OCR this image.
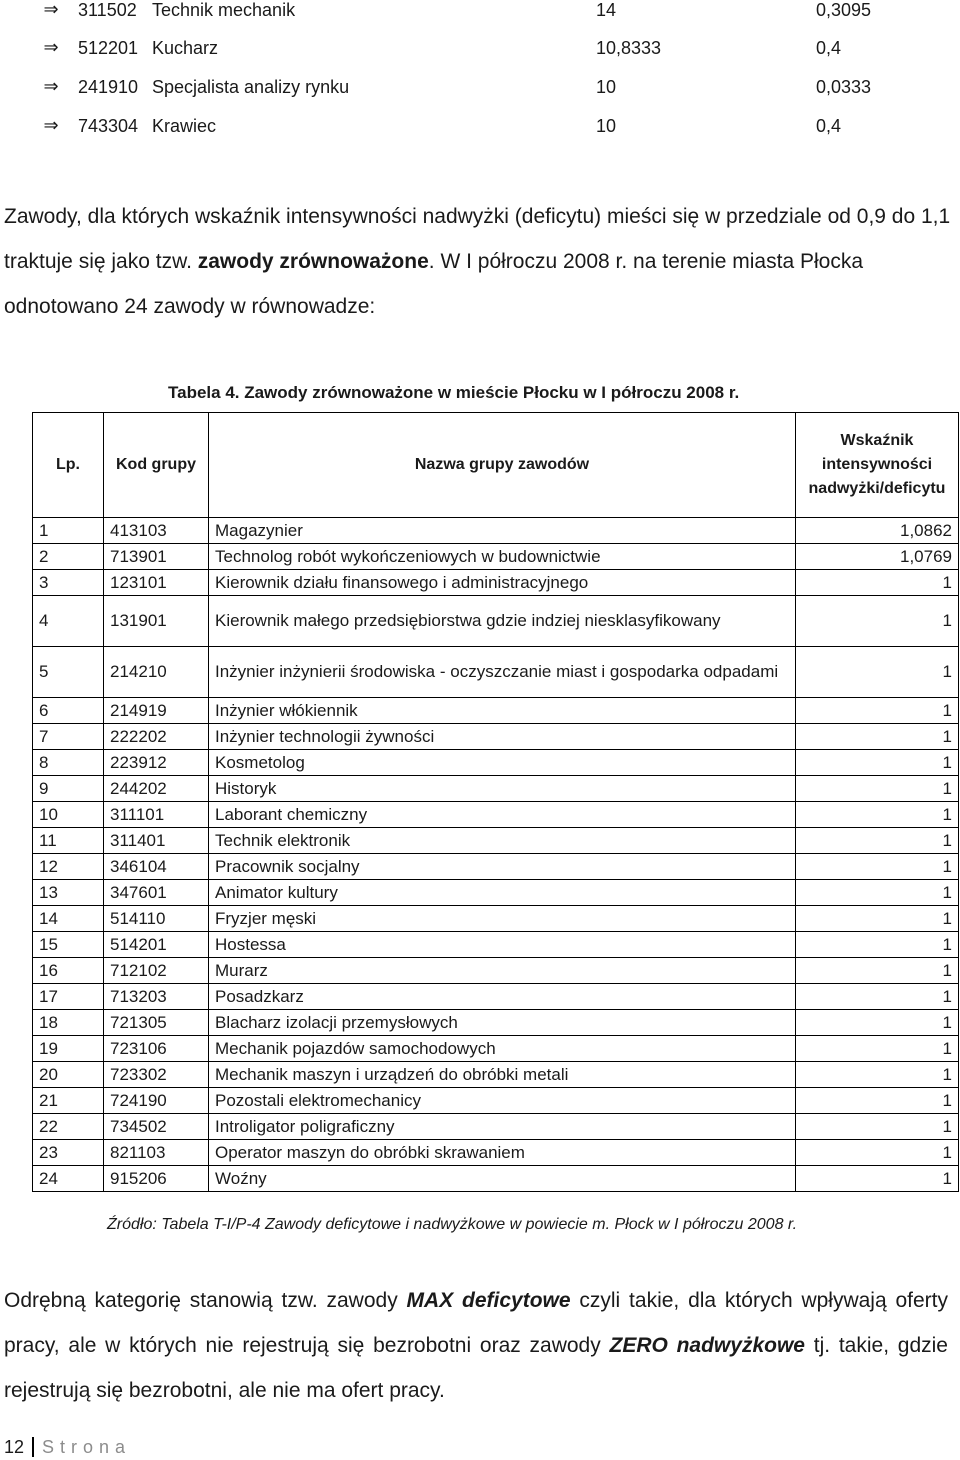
⇒ 311502 Technik mechanik	14	0,3095
⇒ 512201 Kucharz	10,8333	0,4
⇒ 241910 Specjalista analizy rynku	10	0,0333
⇒ 743304 Krawiec	10	0,4
Zawody, dla których wskaźnik intensywności nadwyżki (deficytu) mieści się w przedziale od 0,9 do 1,1 traktuje się jako tzw. zawody zrównoważone. W I półroczu 2008 r. na terenie miasta Płocka odnotowano 24 zawody w równowadze:
Tabela 4. Zawody zrównoważone w mieście Płocku w I półroczu 2008 r.
Lp.	Kod grupy	Nazwa grupy zawodów	Wskaźnik
intensywności
nadwyżki/deficytu

1	413103	Magazynier	1,0862
2	713901	Technolog robót wykończeniowych w budownictwie	1,0769
3	123101	Kierownik działu finansowego i administracyjnego	1
4	131901	Kierownik małego przedsiębiorstwa gdzie indziej niesklasyfikowany	1
5	214210	Inżynier inżynierii środowiska - oczyszczanie miast i gospodarka odpadami	1
6	214919	Inżynier włókiennik	1
7	222202	Inżynier technologii żywności	1
8	223912	Kosmetolog	1
9	244202	Historyk	1
10	311101	Laborant chemiczny	1
11	311401	Technik elektronik	1
12	346104	Pracownik socjalny	1
13	347601	Animator kultury	1
14	514110	Fryzjer męski	1
15	514201	Hostessa	1
16	712102	Murarz	1
17	713203	Posadzkarz	1
18	721305	Blacharz izolacji przemysłowych	1
19	723106	Mechanik pojazdów samochodowych	1
20	723302	Mechanik maszyn i urządzeń do obróbki metali	1
21	724190	Pozostali elektromechanicy	1
22	734502	Introligator poligraficzny	1
23	821103	Operator maszyn do obróbki skrawaniem	1
24	915206	Woźny	1
Źródło: Tabela T-I/P-4 Zawody deficytowe i nadwyżkowe w powiecie m. Płock w I półroczu 2008 r.
Odrębną kategorię stanowią tzw. zawody MAX deficytowe czyli takie, dla których wpływają oferty pracy, ale w których nie rejestrują się bezrobotni oraz zawody ZERO nadwyżkowe tj. takie, gdzie rejestrują się bezrobotni, ale nie ma ofert pracy.
12 Strona
